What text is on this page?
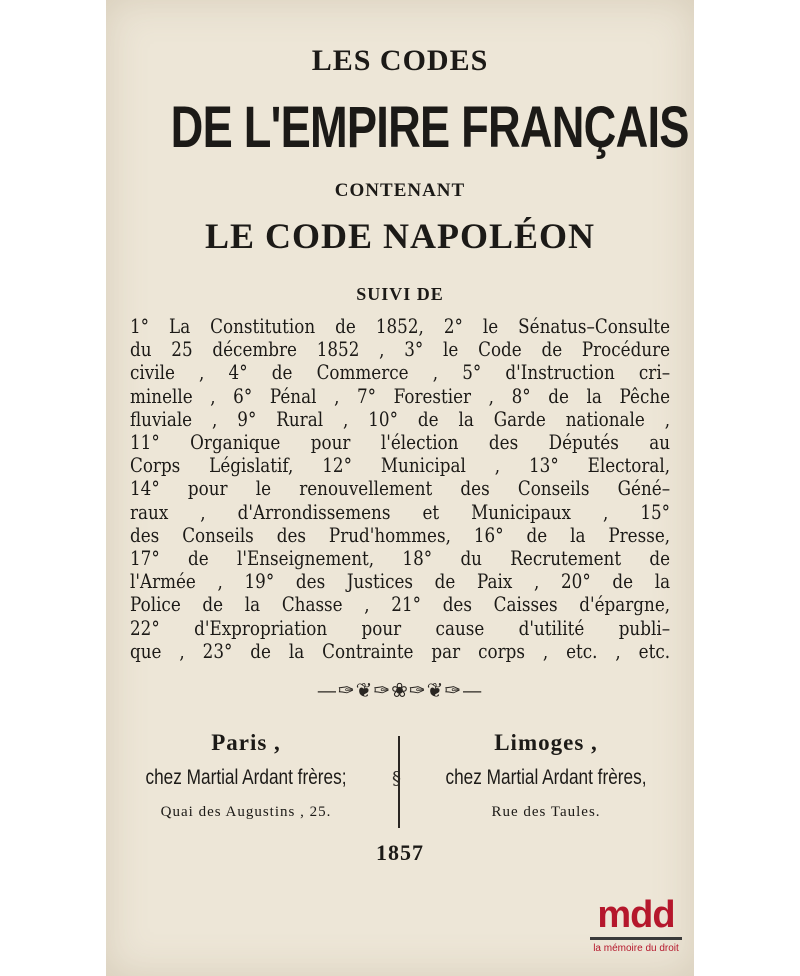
LES CODES
DE L'EMPIRE FRANÇAIS
CONTENANT
LE CODE NAPOLÉON
SUIVI DE
1° La Constitution de 1852, 2° le Sénatus–Consulte
du 25 décembre 1852 , 3° le Code de Procédure
civile , 4° de Commerce , 5° d'Instruction cri–
minelle , 6° Pénal , 7° Forestier , 8° de la Pêche
fluviale , 9° Rural , 10° de la Garde nationale ,
11° Organique pour l'élection des Députés au
Corps Législatif, 12° Municipal , 13° Electoral,
14° pour le renouvellement des Conseils Géné–
raux , d'Arrondissemens et Municipaux , 15°
des Conseils des Prud'hommes, 16° de la Presse,
17° de l'Enseignement, 18° du Recrutement de
l'Armée , 19° des Justices de Paix , 20° de la
Police de la Chasse , 21° des Caisses d'épargne,
22° d'Expropriation pour cause d'utilité publi–
que , 23° de la Contrainte par corps , etc. , etc.
—✑❦✑❀✑❦✑—
Paris ,
chez Martial Ardant frères;
Quai des Augustins , 25.
§
Limoges ,
chez Martial Ardant frères,
Rue des Taules.
1857
mdd
la mémoire du droit
